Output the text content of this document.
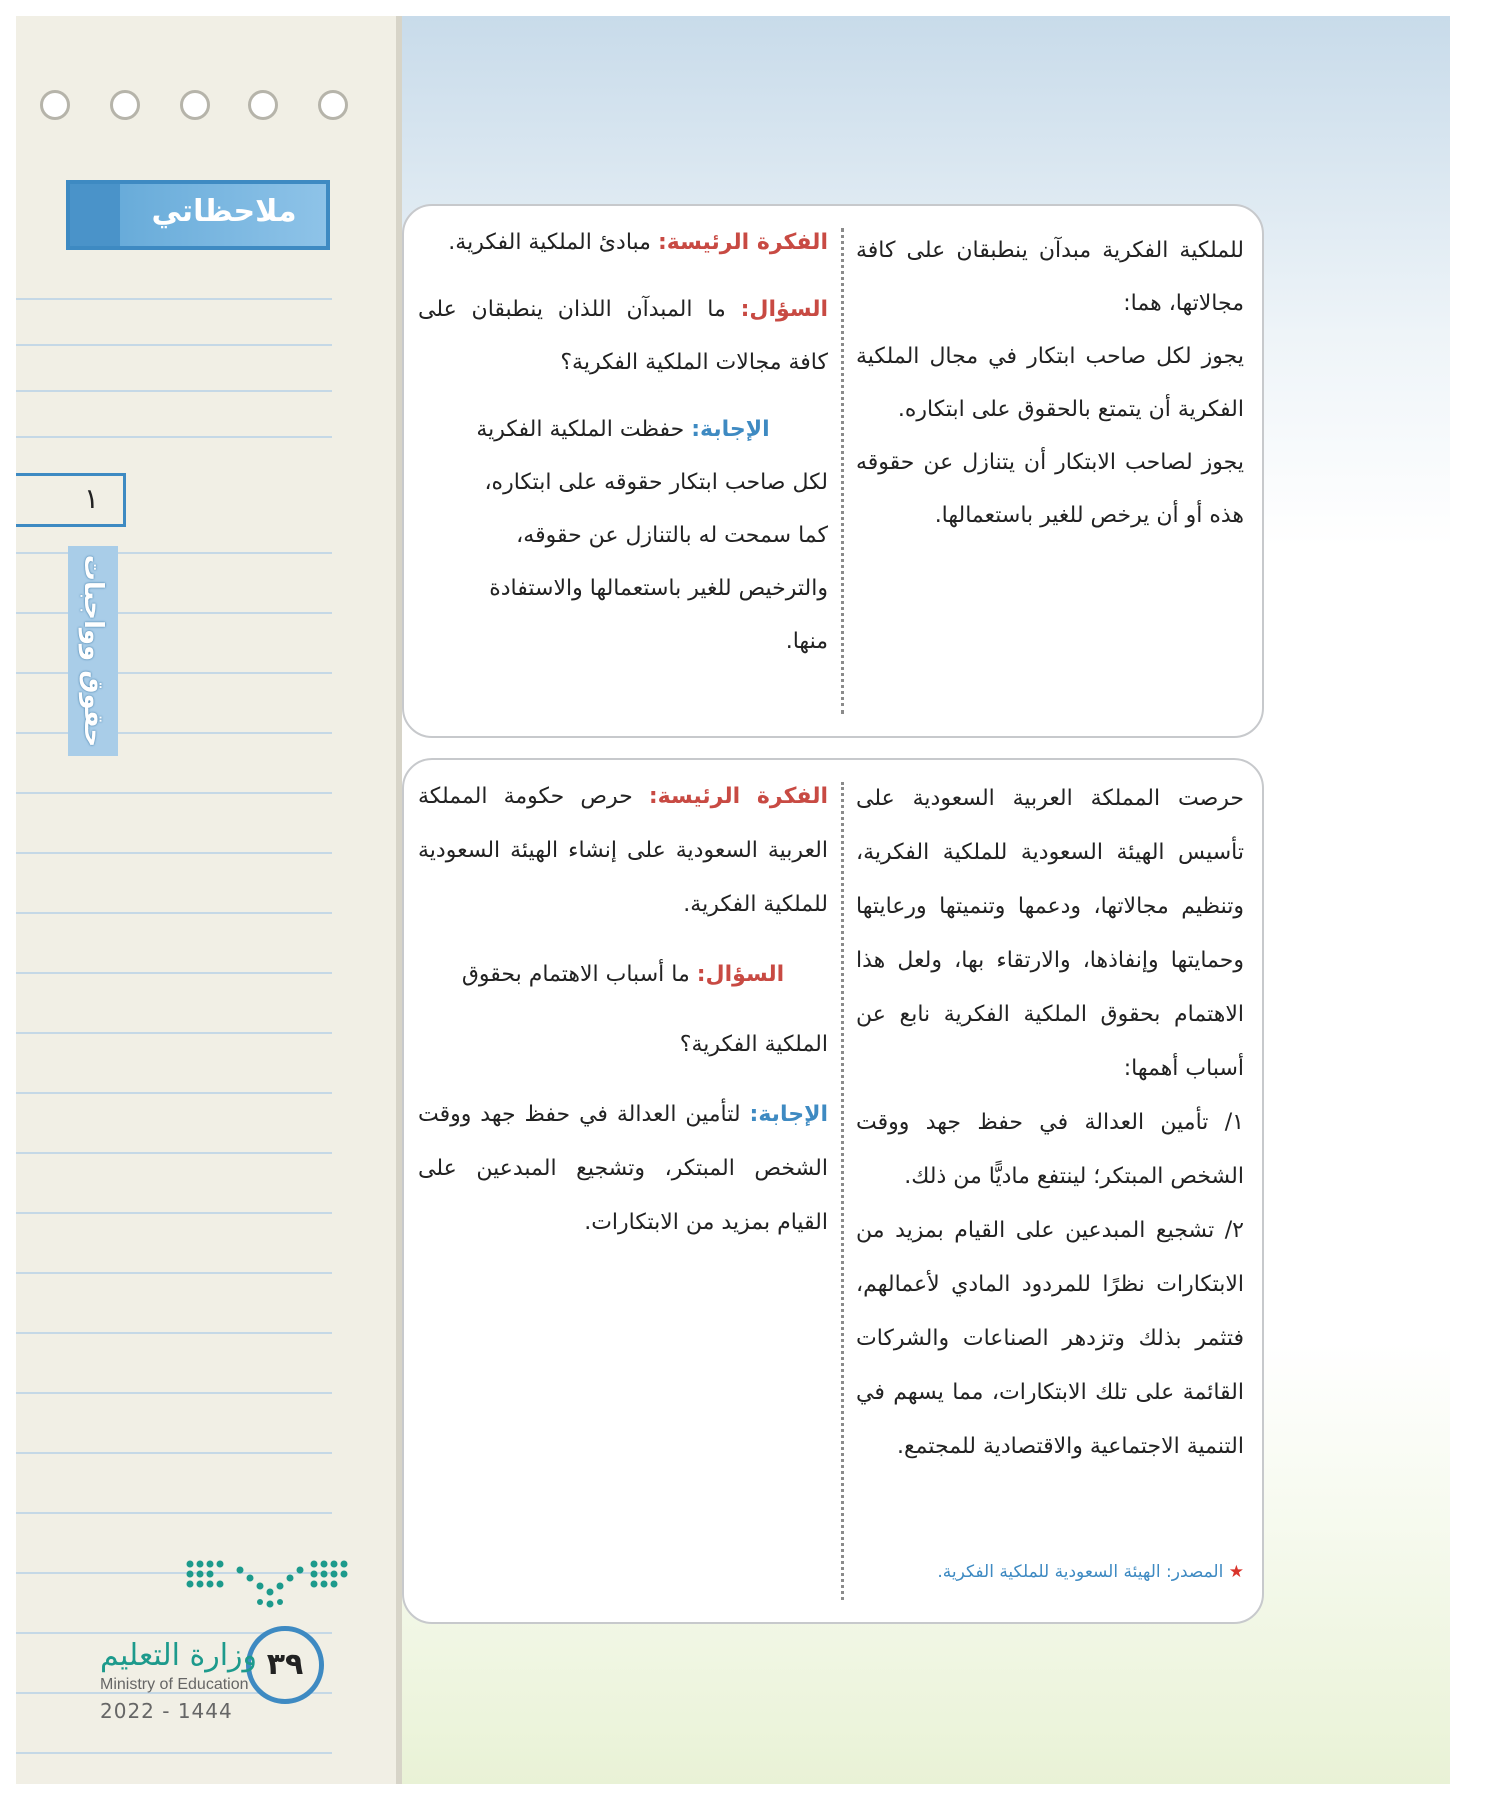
ملاحظاتي
١
حقوق وواجبات
٣٩
وزارة التعليم
Ministry of Education
2022 - 1444

للملكية الفكرية مبدآن ينطبقان على كافة مجالاتها، هما:

يجوز لكل صاحب ابتكار في مجال الملكية الفكرية أن يتمتع بالحقوق على ابتكاره.

يجوز لصاحب الابتكار أن يتنازل عن حقوقه هذه أو أن يرخص للغير باستعمالها.

الفكرة الرئيسة: مبادئ الملكية الفكرية.

السؤال: ما المبدآن اللذان ينطبقان على كافة مجالات الملكية الفكرية؟

الإجابة: حفظت الملكية الفكرية

لكل صاحب ابتكار حقوقه على ابتكاره،

كما سمحت له بالتنازل عن حقوقه،

والترخيص للغير باستعمالها والاستفادة

منها.

حرصت المملكة العربية السعودية على تأسيس الهيئة السعودية للملكية الفكرية، وتنظيم مجالاتها، ودعمها وتنميتها ورعايتها وحمايتها وإنفاذها، والارتقاء بها، ولعل هذا الاهتمام بحقوق الملكية الفكرية نابع عن أسباب أهمها:

١/ تأمين العدالة في حفظ جهد ووقت الشخص المبتكر؛ لينتفع ماديًّا من ذلك.

٢/ تشجيع المبدعين على القيام بمزيد من الابتكارات نظرًا للمردود المادي لأعمالهم، فتثمر بذلك وتزدهر الصناعات والشركات القائمة على تلك الابتكارات، مما يسهم في التنمية الاجتماعية والاقتصادية للمجتمع.

★ المصدر: الهيئة السعودية للملكية الفكرية.

الفكرة الرئيسة: حرص حكومة المملكة العربية السعودية على إنشاء الهيئة السعودية للملكية الفكرية.

السؤال: ما أسباب الاهتمام بحقوق

الملكية الفكرية؟

الإجابة: لتأمين العدالة في حفظ جهد ووقت الشخص المبتكر، وتشجيع المبدعين على القيام بمزيد من الابتكارات.
